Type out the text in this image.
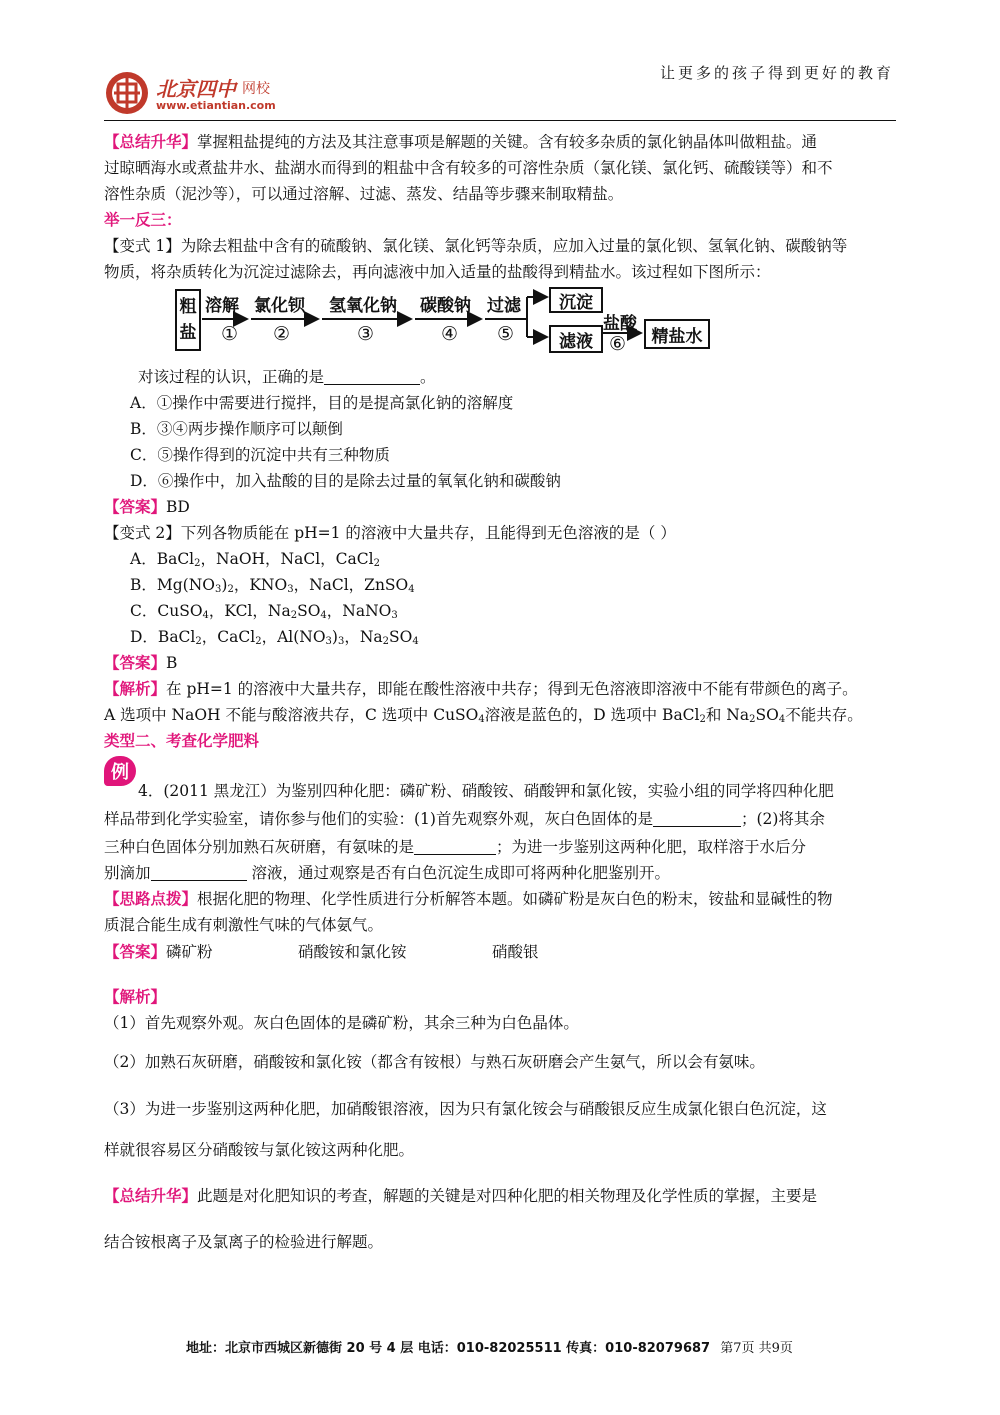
让更多的孩子得到更好的教育
北京四中 网校
www.etiantian.com
【总结升华】掌握粗盐提纯的方法及其注意事项是解题的关键。含有较多杂质的氯化钠晶体叫做粗盐。通
过晾晒海水或煮盐井水、盐湖水而得到的粗盐中含有较多的可溶性杂质（氯化镁、氯化钙、硫酸镁等）和不
溶性杂质（泥沙等），可以通过溶解、过滤、蒸发、结晶等步骤来制取精盐。
举一反三：
【变式 1】为除去粗盐中含有的硫酸钠、氯化镁、氯化钙等杂质，应加入过量的氯化钡、氢氧化钠、碳酸钠等
物质，将杂质转化为沉淀过滤除去，再向滤液中加入适量的盐酸得到精盐水。该过程如下图所示：
粗
盐
溶解 氯化钡 氢氧化钠 碳酸钠 过滤
① ②	③	④ ⑤
沉淀
滤液
盐酸
⑥	精盐水
对该过程的认识，正确的是	。
A．①操作中需要进行搅拌，目的是提高氯化钠的溶解度
B．③④两步操作顺序可以颠倒
C．⑤操作得到的沉淀中共有三种物质
D．⑥操作中，加入盐酸的目的是除去过量的氧氧化钠和碳酸钠
【答案】BD
【变式 2】下列各物质能在 pH=1 的溶液中大量共存，且能得到无色溶液的是（ ）
A．BaCl$_2$，NaOH，NaCl，CaCl$_2$
B．$Mg(NO_3)_2$，$KNO_3$，NaCl，ZnSO$_4$
C．CuSO$_4$，KCl，$Na_2SO_4$，NaNO$_3$
D．BaCl$_2$，CaCl$_2$，$Al(NO_3)_3$，$Na_2SO_4$
【答案】B
【解析】在 pH=1 的溶液中大量共存，即能在酸性溶液中共存；得到无色溶液即溶液中不能有带颜色的离子。
A 选项中 NaOH 不能与酸溶液共存，C 选项中 CuSO$_4$溶液是蓝色的，D 选项中 BaCl$_2$和 $Na_2SO_4$不能共存。
类型二、考查化学肥料
例
4．(2011 黑龙江）为鉴别四种化肥：磷矿粉、硝酸铵、硝酸钾和氯化铵，实验小组的同学将四种化肥
样品带到化学实验室，请你参与他们的实验：(1)首先观察外观，灰白色固体的是	；(2)将其余
三种白色固体分别加熟石灰研磨，有氨味的是	；为进一步鉴别这两种化肥，取样溶于水后分
别滴加	溶液，通过观察是否有白色沉淀生成即可将两种化肥鉴别开。
【思路点拨】根据化肥的物理、化学性质进行分析解答本题。如磷矿粉是灰白色的粉末，铵盐和显碱性的物
质混合能生成有刺激性气味的气体氨气。
【答案】磷矿粉	硝酸铵和氯化铵	硝酸银
【解析】
（1）首先观察外观。灰白色固体的是磷矿粉，其余三种为白色晶体。
（2）加熟石灰研磨，硝酸铵和氯化铵（都含有铵根）与熟石灰研磨会产生氨气，所以会有氨味。
（3）为进一步鉴别这两种化肥，加硝酸银溶液，因为只有氯化铵会与硝酸银反应生成氯化银白色沉淀，这
样就很容易区分硝酸铵与氯化铵这两种化肥。
【总结升华】此题是对化肥知识的考查，解题的关键是对四种化肥的相关物理及化学性质的掌握，主要是
结合铵根离子及氯离子的检验进行解题。
地址：北京市西城区新德街 20 号 4 层 电话：010-82025511 传真：010-82079687 第7页 共9页
